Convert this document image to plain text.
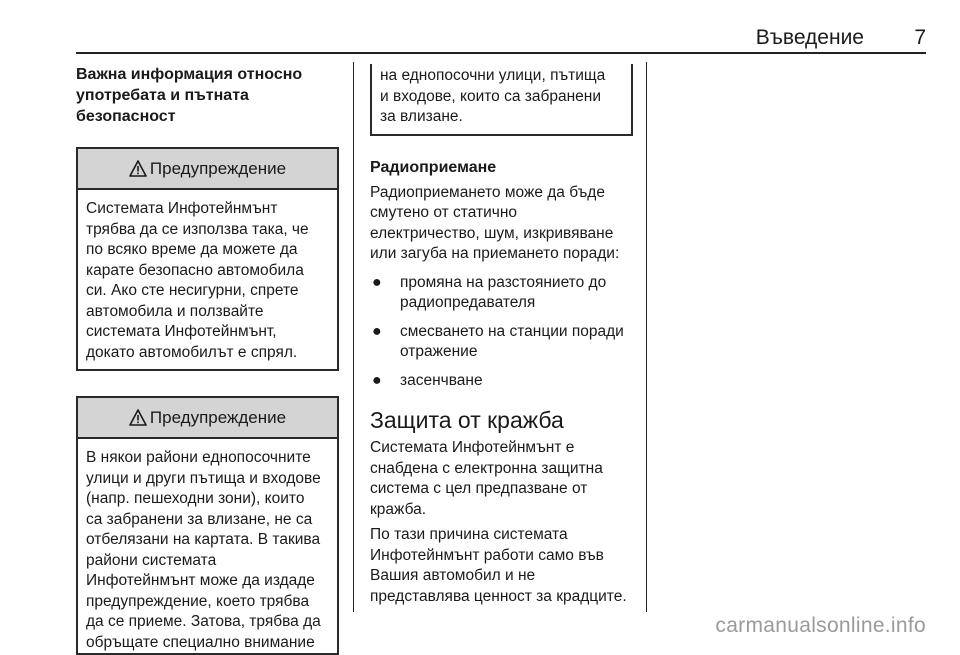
Въведение 7

Важна информация относно употребата и пътната безопасност

Предупреждение
Системата Инфотейнмънт
трябва да се използва така, че
по всяко време да можете да
карате безопасно автомобила
си. Ако сте несигурни, спрете
автомобила и ползвайте
системата Инфотейнмънт,
докато автомобилът е спрял.
Предупреждение
В някои райони еднопосочните
улици и други пътища и входове
(напр. пешеходни зони), които
са забранени за влизане, не са
отбелязани на картата. В такива
райони системата
Инфотейнмънт може да издаде
предупреждение, което трябва
да се приеме. Затова, трябва да
обръщате специално внимание
на еднопосочни улици, пътища
и входове, които са забранени
за влизане.
Радиоприемане
Радиоприемането може да бъде
смутено от статично
електричество, шум, изкривяване
или загуба на приемането поради:
●	промяна на разстоянието до радиопредавателя
●	смесването на станции поради отражение
●	засенчване
Защита от кражба
Системата Инфотейнмънт е
снабдена с електронна защитна
система с цел предпазване от
кражба.
По тази причина системата
Инфотейнмънт работи само във
Вашия автомобил и не
представлява ценност за крадците.
carmanualsonline.info
